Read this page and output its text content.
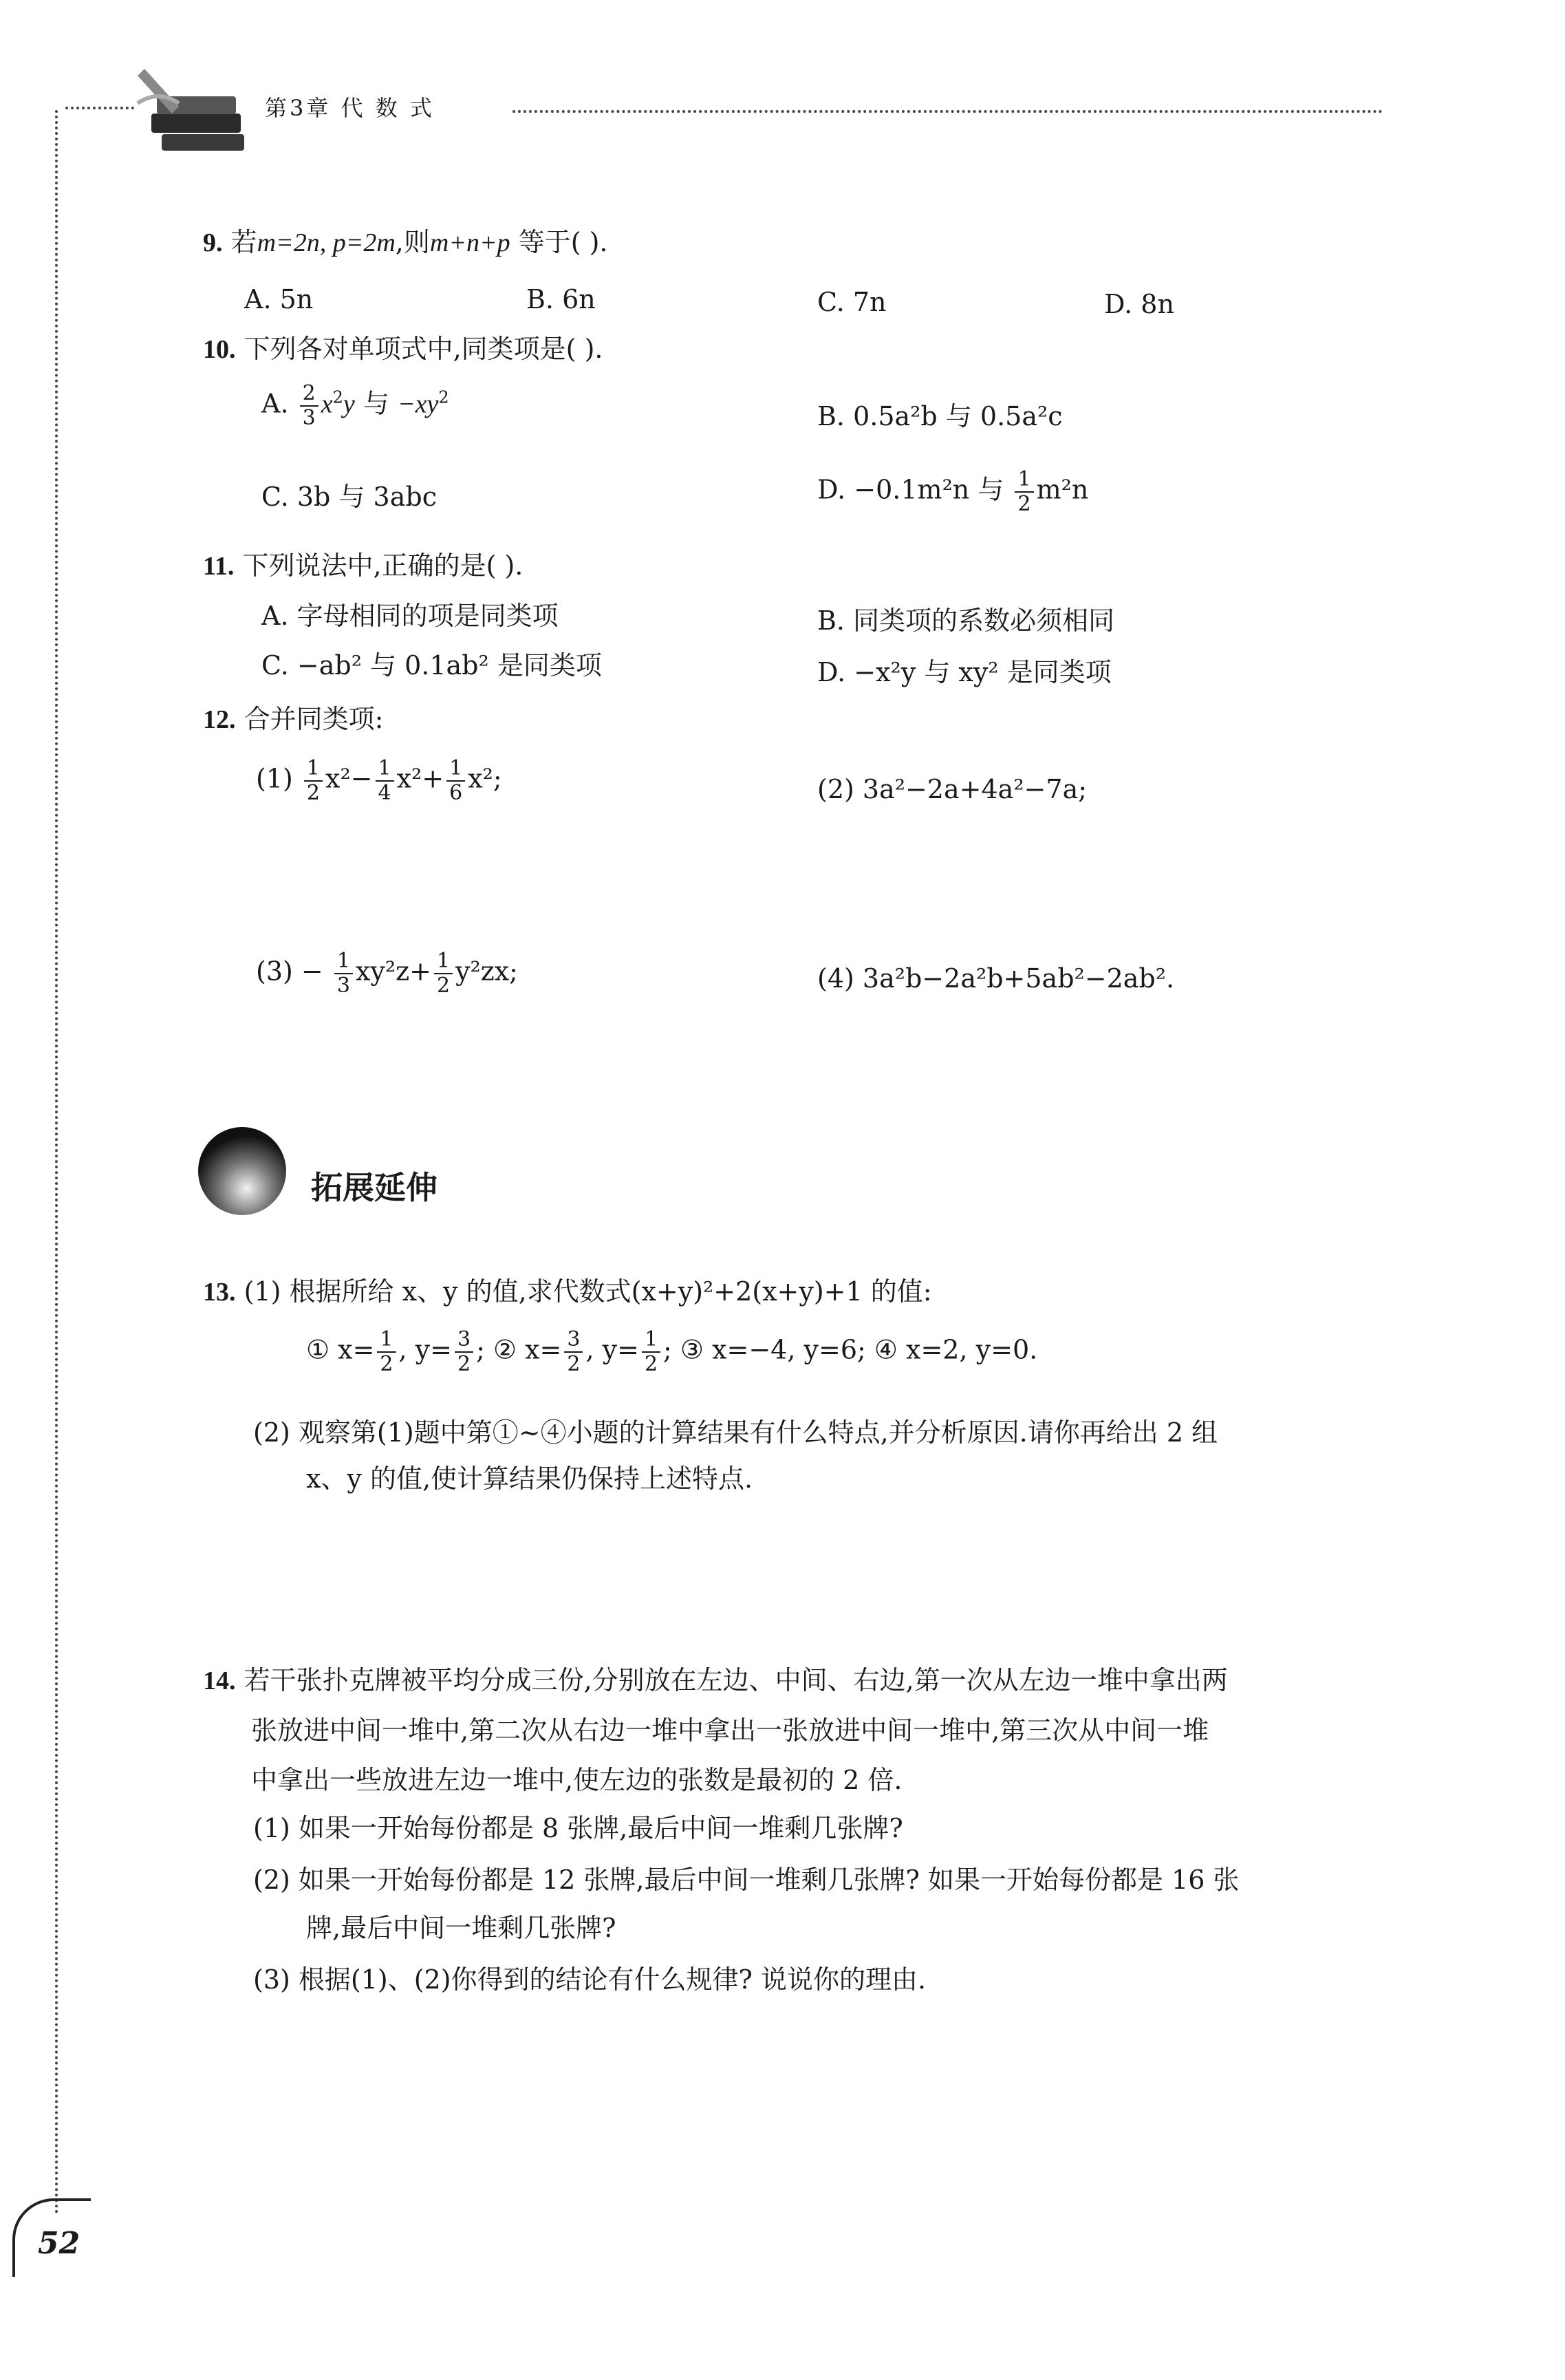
第3章 代 数 式
9. 若m=2n, p=2m,则m+n+p 等于( ).
A. 5n	B. 6n	C. 7n	D. 8n
10. 下列各对单项式中,同类项是( ).
A. $\frac{2}{3} x^2y$ 与 $-xy^2$
B. 0.5a²b 与 0.5a²c
C. 3b 与 3abc	D. −0.1m²n 与 $\frac{1}{2} m^2n$
11. 下列说法中,正确的是( ).
A. 字母相同的项是同类项	B. 同类项的系数必须相同
C. −ab² 与 0.1ab² 是同类项	D. −x²y 与 xy² 是同类项
12. 合并同类项:
$(1) \frac{1}{2} x^2- \frac{1}{4} x^2+ \frac{1}{6} x^2$;	(2) 3a²−2a+4a²−7a;
$(3) - \frac{1}{3} xy^2z+ \frac{1}{2} y^2zx$;	(4) 3a²b−2a²b+5ab²−2ab².
拓展延伸
13. (1) 根据所给 x、y 的值,求代数式(x+y)²+2(x+y)+1 的值:
① $x= \frac{1}{2}$ , $y= \frac{3}{2}$ ; ② $x= \frac{3}{2}$ , $y= \frac{1}{2}$ ; ③ x=−4, y=6; ④ x=2, y=0.
(2) 观察第(1)题中第①~④小题的计算结果有什么特点,并分析原因.请你再给出 2 组
x、y 的值,使计算结果仍保持上述特点.
14. 若干张扑克牌被平均分成三份,分别放在左边、中间、右边,第一次从左边一堆中拿出两
张放进中间一堆中,第二次从右边一堆中拿出一张放进中间一堆中,第三次从中间一堆
中拿出一些放进左边一堆中,使左边的张数是最初的 2 倍.
(1) 如果一开始每份都是 8 张牌,最后中间一堆剩几张牌?
(2) 如果一开始每份都是 12 张牌,最后中间一堆剩几张牌? 如果一开始每份都是 16 张
牌,最后中间一堆剩几张牌?
(3) 根据(1)、(2)你得到的结论有什么规律? 说说你的理由.
52
